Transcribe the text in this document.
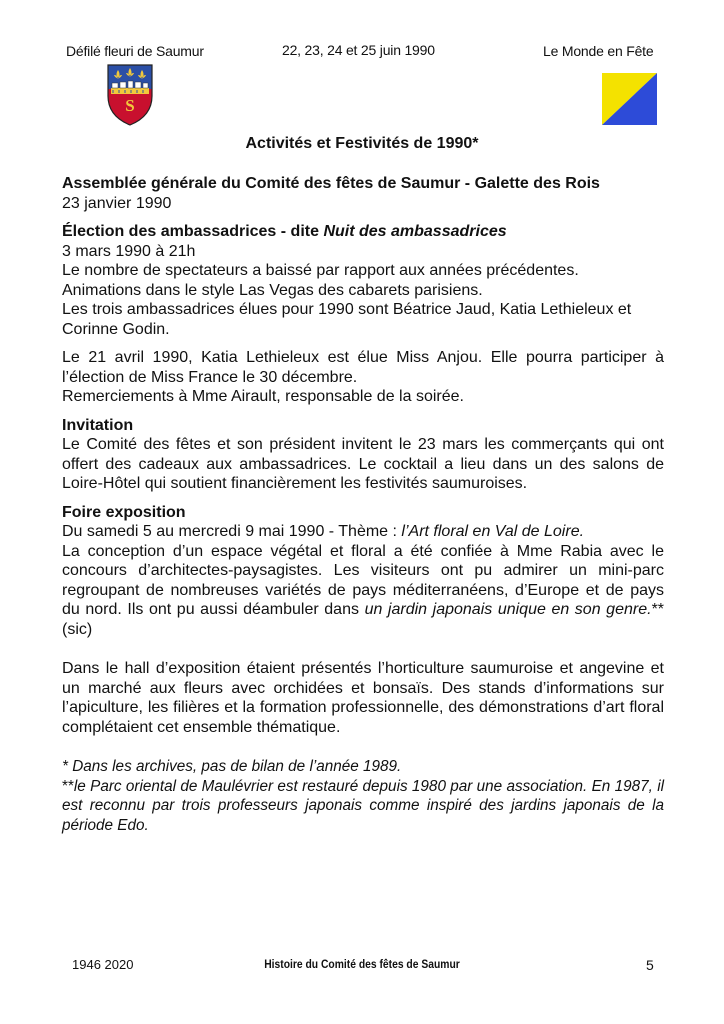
Défilé fleuri de Saumur	22, 23, 24 et 25 juin 1990	Le Monde en Fête
S
Activités et Festivités de 1990*

Assemblée générale du Comité des fêtes de Saumur - Galette des Rois

23 janvier 1990

Élection des ambassadrices - dite Nuit des ambassadrices

3 mars 1990 à 21h

Le nombre de spectateurs a baissé par rapport aux années précédentes.

Animations dans le style Las Vegas des cabarets parisiens.

Les trois ambassadrices élues pour 1990 sont Béatrice Jaud, Katia Lethieleux et Corinne Godin.

Le 21 avril 1990, Katia Lethieleux est élue Miss Anjou. Elle pourra participer à l’élection de Miss France le 30 décembre.

Remerciements à Mme Airault, responsable de la soirée.

Invitation

Le Comité des fêtes et son président invitent le 23 mars les commerçants qui ont offert des cadeaux aux ambassadrices. Le cocktail a lieu dans un des salons de Loire-Hôtel qui soutient financièrement les festivités saumuroises.

Foire exposition

Du samedi 5 au mercredi 9 mai 1990 - Thème : l’Art floral en Val de Loire.

La conception d’un espace végétal et floral a été confiée à Mme Rabia avec le concours d’architectes-paysagistes. Les visiteurs ont pu admirer un mini-parc regroupant de nombreuses variétés de pays méditerranéens, d’Europe et de pays du nord. Ils ont pu aussi déambuler dans un jardin japonais unique en son genre.**(sic)

Dans le hall d’exposition étaient présentés l’horticulture saumuroise et angevine et un marché aux fleurs avec orchidées et bonsaïs. Des stands d’informations sur l’apiculture, les filières et la formation professionnelle, des démonstrations d’art floral complétaient cet ensemble thématique.

* Dans les archives, pas de bilan de l’année 1989.

**le Parc oriental de Maulévrier est restauré depuis 1980 par une association. En 1987, il est reconnu par trois professeurs japonais comme inspiré des jardins japonais de la période Edo.

1946 2020	Histoire du Comité des fêtes de Saumur	5
